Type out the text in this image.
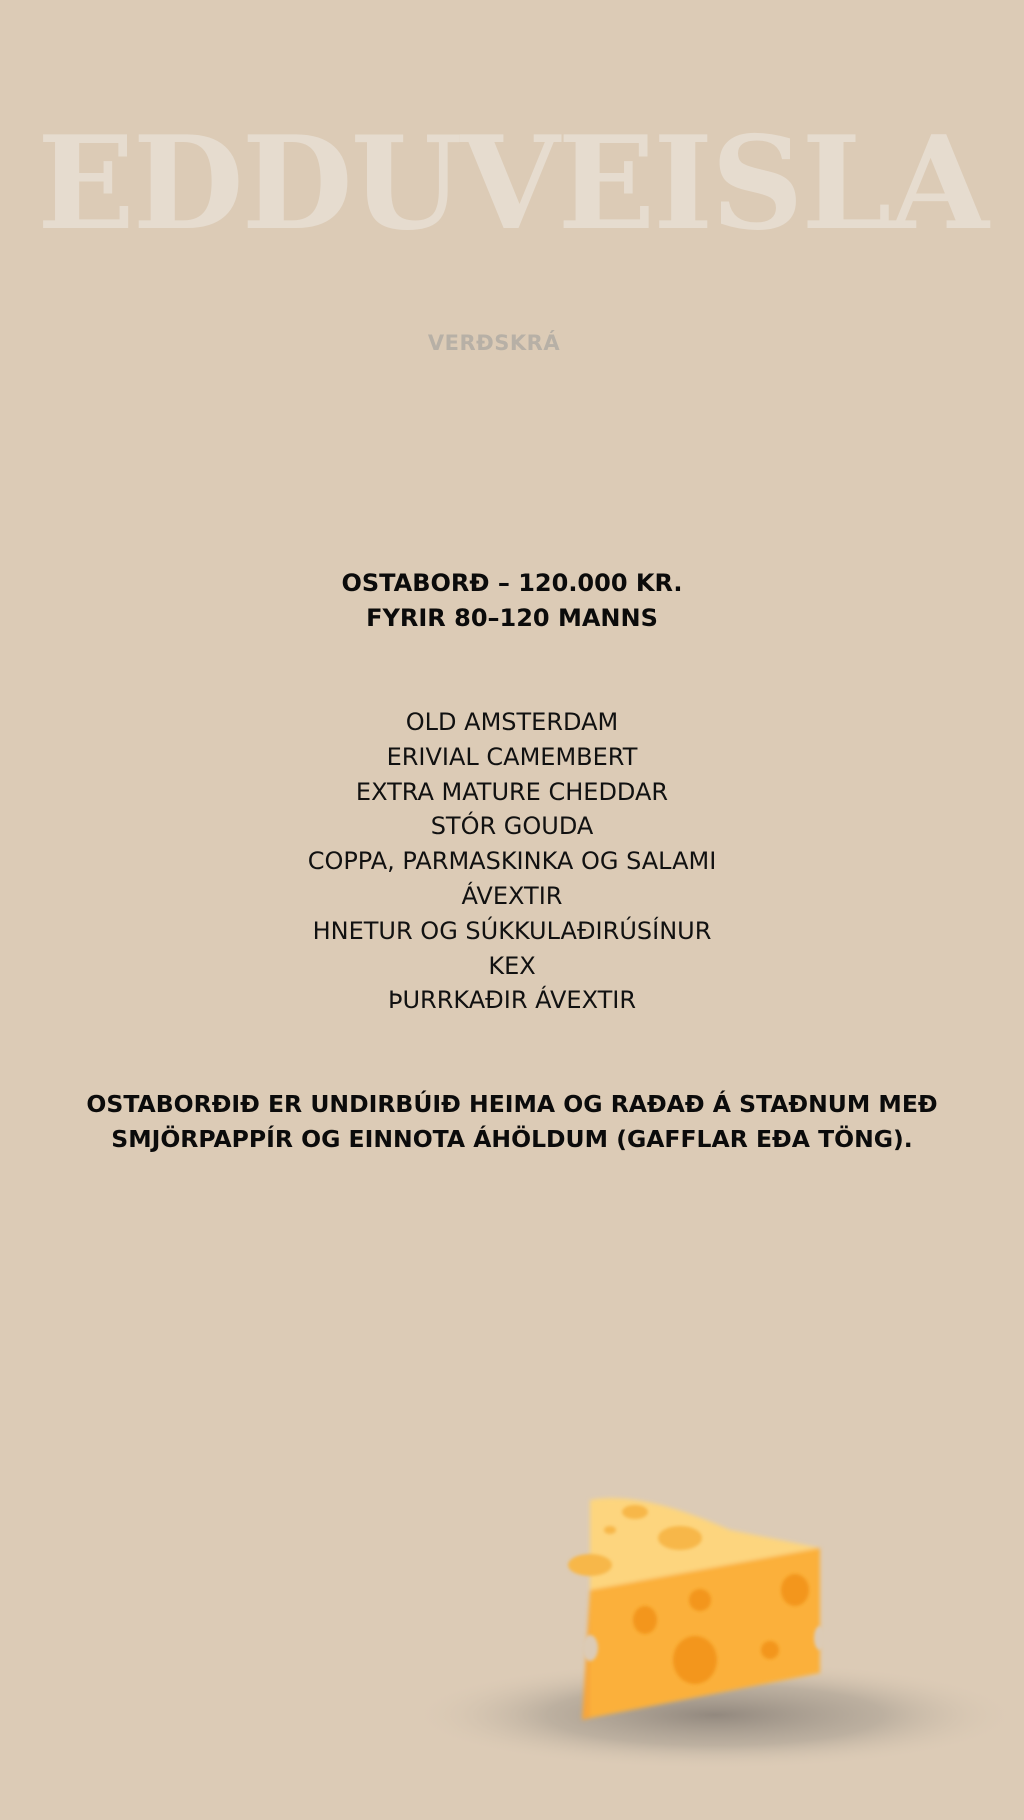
EDDUVEISLA
VERÐSKRÁ
OSTABORÐ – 120.000 KR.
FYRIR 80–120 MANNS
OLD AMSTERDAM
ERIVIAL CAMEMBERT
EXTRA MATURE CHEDDAR
STÓR GOUDA
COPPA, PARMASKINKA OG SALAMI
ÁVEXTIR
HNETUR OG SÚKKULAÐIRÚSÍNUR
KEX
ÞURRKAÐIR ÁVEXTIR
OSTABORÐIÐ ER UNDIRBÚIÐ HEIMA OG RAÐAÐ Á STAÐNUM MEÐ
SMJÖRPAPPÍR OG EINNOTA ÁHÖLDUM (GAFFLAR EÐA TÖNG).
